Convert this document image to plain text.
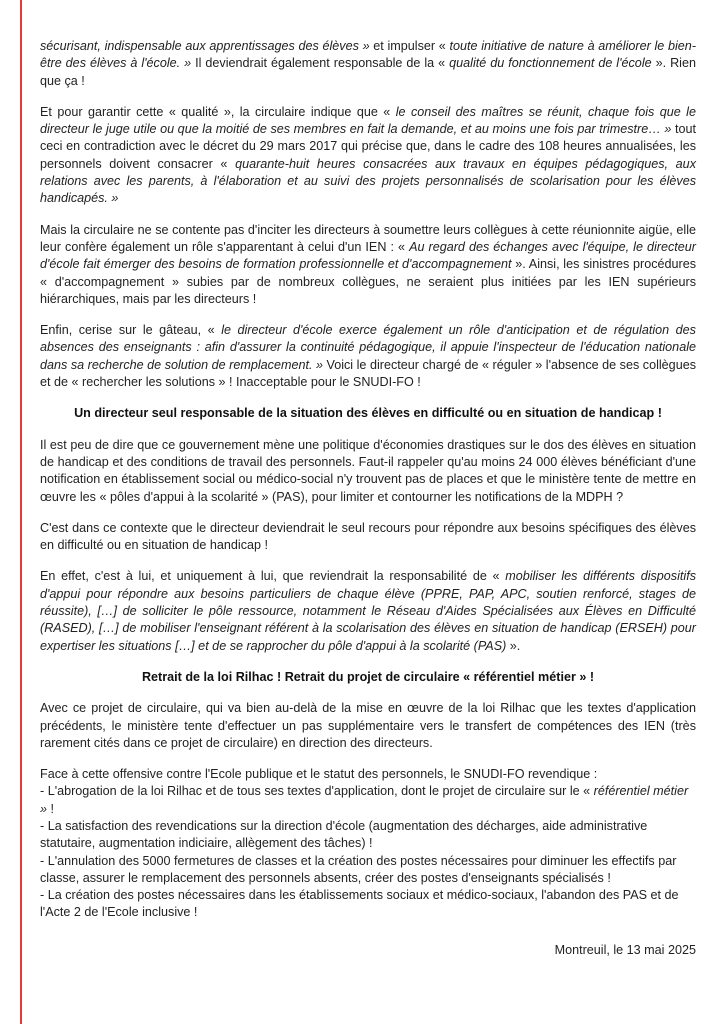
sécurisant, indispensable aux apprentissages des élèves » et impulser « toute initiative de nature à améliorer le bien-être des élèves à l'école. » Il deviendrait également responsable de la « qualité du fonctionnement de l'école ». Rien que ça !

Et pour garantir cette « qualité », la circulaire indique que « le conseil des maîtres se réunit, chaque fois que le directeur le juge utile ou que la moitié de ses membres en fait la demande, et au moins une fois par trimestre… » tout ceci en contradiction avec le décret du 29 mars 2017 qui précise que, dans le cadre des 108 heures annualisées, les personnels doivent consacrer « quarante-huit heures consacrées aux travaux en équipes pédagogiques, aux relations avec les parents, à l'élaboration et au suivi des projets personnalisés de scolarisation pour les élèves handicapés. »

Mais la circulaire ne se contente pas d'inciter les directeurs à soumettre leurs collègues à cette réunionnite aigüe, elle leur confère également un rôle s'apparentant à celui d'un IEN : « Au regard des échanges avec l'équipe, le directeur d'école fait émerger des besoins de formation professionnelle et d'accompagnement ». Ainsi, les sinistres procédures « d'accompagnement » subies par de nombreux collègues, ne seraient plus initiées par les IEN supérieurs hiérarchiques, mais par les directeurs !

Enfin, cerise sur le gâteau, « le directeur d'école exerce également un rôle d'anticipation et de régulation des absences des enseignants : afin d'assurer la continuité pédagogique, il appuie l'inspecteur de l'éducation nationale dans sa recherche de solution de remplacement. » Voici le directeur chargé de « réguler » l'absence de ses collègues et de « rechercher les solutions » ! Inacceptable pour le SNUDI-FO !

Un directeur seul responsable de la situation des élèves en difficulté ou en situation de handicap !

Il est peu de dire que ce gouvernement mène une politique d'économies drastiques sur le dos des élèves en situation de handicap et des conditions de travail des personnels. Faut-il rappeler qu'au moins 24 000 élèves bénéficiant d'une notification en établissement social ou médico-social n'y trouvent pas de places et que le ministère tente de mettre en œuvre les « pôles d'appui à la scolarité » (PAS), pour limiter et contourner les notifications de la MDPH ?

C'est dans ce contexte que le directeur deviendrait le seul recours pour répondre aux besoins spécifiques des élèves en difficulté ou en situation de handicap !

En effet, c'est à lui, et uniquement à lui, que reviendrait la responsabilité de « mobiliser les différents dispositifs d'appui pour répondre aux besoins particuliers de chaque élève (PPRE, PAP, APC, soutien renforcé, stages de réussite), […] de solliciter le pôle ressource, notamment le Réseau d'Aides Spécialisées aux Élèves en Difficulté (RASED), […] de mobiliser l'enseignant référent à la scolarisation des élèves en situation de handicap (ERSEH) pour expertiser les situations […] et de se rapprocher du pôle d'appui à la scolarité (PAS) ».

Retrait de la loi Rilhac ! Retrait du projet de circulaire « référentiel métier » !

Avec ce projet de circulaire, qui va bien au-delà de la mise en œuvre de la loi Rilhac que les textes d'application précédents, le ministère tente d'effectuer un pas supplémentaire vers le transfert de compétences des IEN (très rarement cités dans ce projet de circulaire) en direction des directeurs.

Face à cette offensive contre l'Ecole publique et le statut des personnels, le SNUDI-FO revendique :

- L'abrogation de la loi Rilhac et de tous ses textes d'application, dont le projet de circulaire sur le « référentiel métier » !

- La satisfaction des revendications sur la direction d'école (augmentation des décharges, aide administrative statutaire, augmentation indiciaire, allègement des tâches) !

- L'annulation des 5000 fermetures de classes et la création des postes nécessaires pour diminuer les effectifs par classe, assurer le remplacement des personnels absents, créer des postes d'enseignants spécialisés !

- La création des postes nécessaires dans les établissements sociaux et médico-sociaux, l'abandon des PAS et de l'Acte 2 de l'Ecole inclusive !

Montreuil, le 13 mai 2025
